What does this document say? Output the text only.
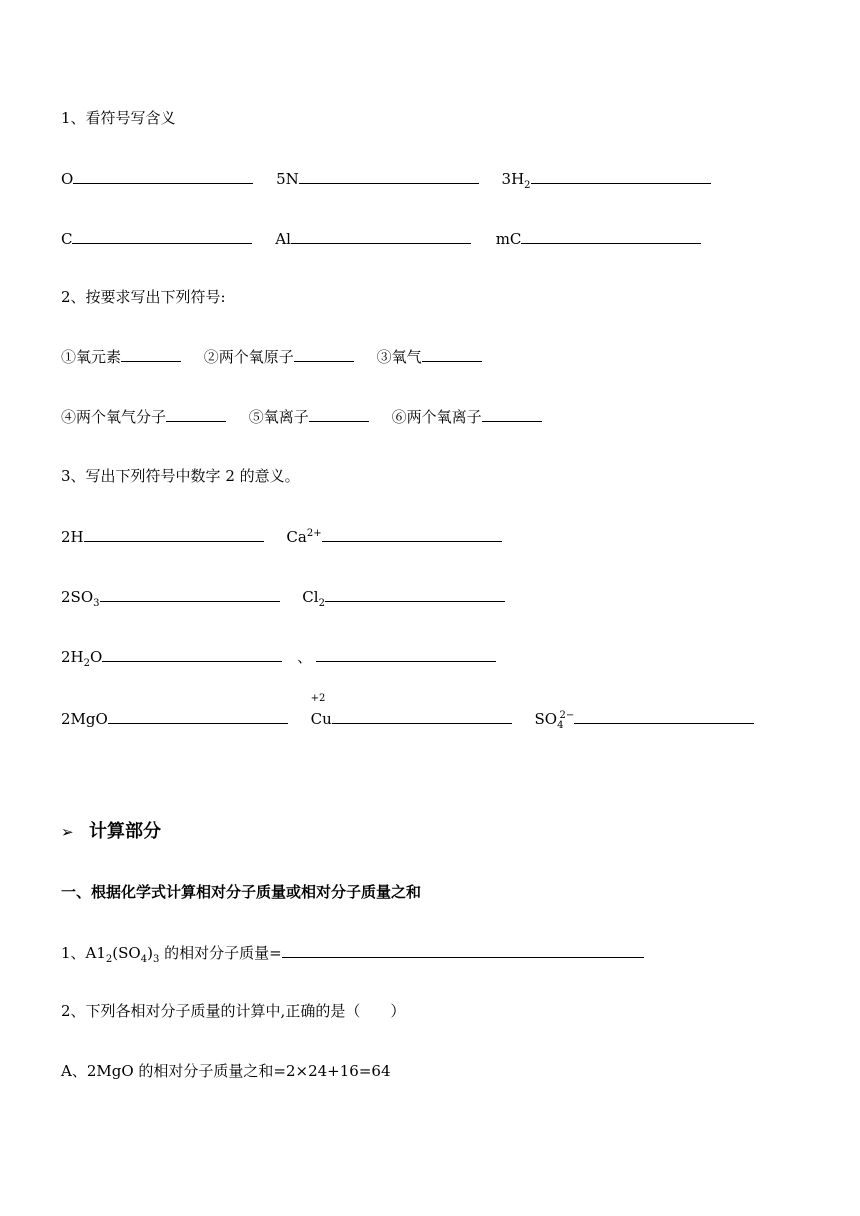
1、看符号写含义
O	5N	$3H_2$
C	Al	mC
2、按要求写出下列符号:
①氧元素	②两个氧原子	③氧气
④两个氧气分子	⑤氧离子	⑥两个氧离子
3、写出下列符号中数字 2 的意义。
2H	$Ca^{2+}$
$2SO_3$	$Cl_2$
$2H_2O$	、
2MgO
+2
Cu	$SO_4^{2-}$
➢ 计算部分
一、根据化学式计算相对分子质量或相对分子质量之和
1、$A1_2(SO_4)_3$ 的相对分子质量=
2、下列各相对分子质量的计算中,正确的是（　　）
A、2MgO 的相对分子质量之和=2×24+16=64
